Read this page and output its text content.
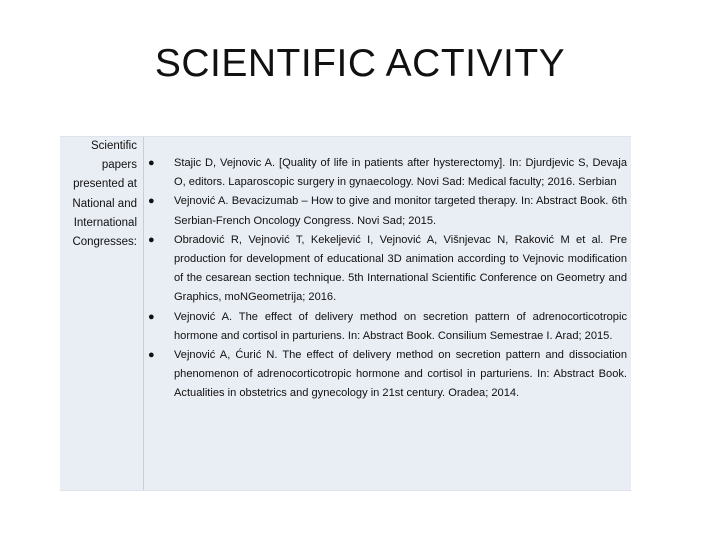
SCIENTIFIC ACTIVITY
Scientific
papers
presented at
National and
International
Congresses:
● Stajic D, Vejnovic A. [Quality of life in patients after hysterectomy]. In: Djurdjevic S, Devaja O, editors. Laparoscopic surgery in gynaecology. Novi Sad: Medical faculty; 2016. Serbian
● Vejnović A. Bevacizumab – How to give and monitor targeted therapy. In: Abstract Book. 6th Serbian-French Oncology Congress. Novi Sad; 2015.
● Obradović R, Vejnović T, Kekeljević I, Vejnović A, Višnjevac N, Raković M et al. Pre production for development of educational 3D animation according to Vejnovic modification of the cesarean section technique. 5th International Scientific Conference on Geometry and Graphics, moNGeometrija; 2016.
● Vejnović A. The effect of delivery method on secretion pattern of adrenocorticotropic hormone and cortisol in parturiens. In: Abstract Book. Consilium Semestrae I. Arad; 2015.
● Vejnović A, Ćurić N. The effect of delivery method on secretion pattern and dissociation phenomenon of adrenocorticotropic hormone and cortisol in parturiens. In: Abstract Book. Actualities in obstetrics and gynecology in 21st century. Oradea; 2014.
